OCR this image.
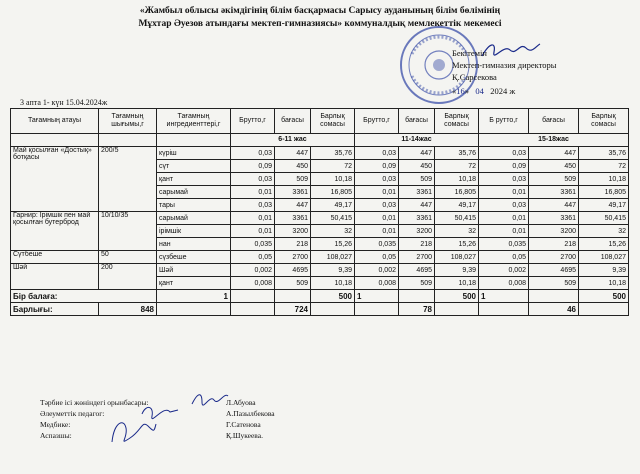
«Жамбыл облысы әкімдігінің білім басқармасы Сарысу ауданының білім бөлімінің
Мұхтар Әуезов атындағы мектеп-гимназиясы» коммуналдық мемлекеттік мекемесі
Бекітемін
Мектеп-гимназия директоры
Қ.Сарсекова
«16»   04 2024 ж
3 апта 1- күн 15.04.2024ж
Тағамның атауы	Тағамның шығымы,г	Тағамның ингредиенттері,г	Брутто,г	бағасы	Барлық сомасы	Брутто,г	бағасы	Барлық сомасы	Б рутто,г	бағасы	Барлық сомасы
			6-11 жас			11-14жас			15-18жас		
Май қосылған «Достық» ботқасы	200/5	күріш	0,03	447	35,76	0,03	447	35,76	0,03	447	35,76
		сүт	0,09	450	72	0,09	450	72	0,09	450	72
		қант	0,03	509	10,18	0,03	509	10,18	0,03	509	10,18
		сарымай	0,01	3361	16,805	0,01	3361	16,805	0,01	3361	16,805
		тары	0,03	447	49,17	0,03	447	49,17	0,03	447	49,17
Гарнир: Ірімшік пен май қосылған бутерброд	10/10/35	сарымай	0,01	3361	50,415	0,01	3361	50,415	0,01	3361	50,415
		ірімшік	0,01	3200	32	0,01	3200	32	0,01	3200	32
		нан	0,035	218	15,26	0,035	218	15,26	0,035	218	15,26
Сүтбеше	50	сүзбеше	0,05	2700	108,027	0,05	2700	108,027	0,05	2700	108,027
Шәй	200	Шәй	0,002	4695	9,39	0,002	4695	9,39	0,002	4695	9,39
		қант	0,008	509	10,18	0,008	509	10,18	0,008	509	10,18
Бір балаға:		1			500	1		500	1		500
Барлығы:	848			724			78			46	
Тәрбие ісі жөніндегі орынбасары:	Л.Абуова
Әлеуметтік педагог:	А.Пазылбекова
Медбике:	Г.Сатенова
Аспазшы:	Қ.Шукеева.
